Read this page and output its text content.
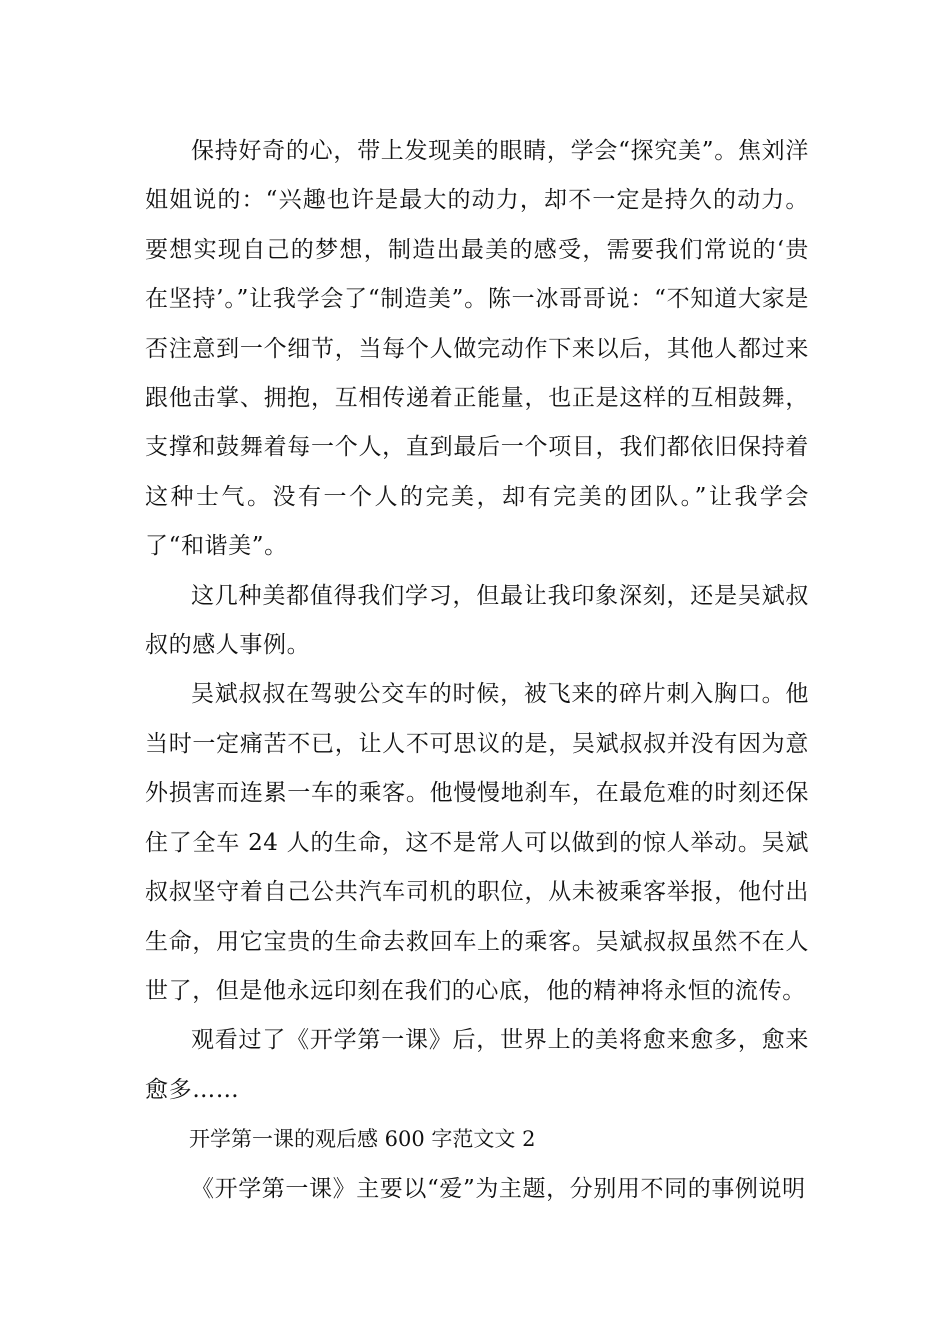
保持好奇的心，带上发现美的眼睛，学会“探究美”。焦刘洋姐姐说的：“兴趣也许是最大的动力，却不一定是持久的动力。要想实现自己的梦想，制造出最美的感受，需要我们常说的‘贵在坚持’。”让我学会了“制造美”。陈一冰哥哥说：“不知道大家是否注意到一个细节，当每个人做完动作下来以后，其他人都过来跟他击掌、拥抱，互相传递着正能量，也正是这样的互相鼓舞，支撑和鼓舞着每一个人，直到最后一个项目，我们都依旧保持着这种士气。没有一个人的完美，却有完美的团队。”让我学会了“和谐美”。

这几种美都值得我们学习，但最让我印象深刻，还是吴斌叔叔的感人事例。

吴斌叔叔在驾驶公交车的时候，被飞来的碎片刺入胸口。他当时一定痛苦不已，让人不可思议的是，吴斌叔叔并没有因为意外损害而连累一车的乘客。他慢慢地刹车，在最危难的时刻还保住了全车 24 人的生命，这不是常人可以做到的惊人举动。吴斌叔叔坚守着自己公共汽车司机的职位，从未被乘客举报，他付出生命，用它宝贵的生命去救回车上的乘客。吴斌叔叔虽然不在人世了，但是他永远印刻在我们的心底，他的精神将永恒的流传。

观看过了《开学第一课》后，世界上的美将愈来愈多，愈来愈多……

开学第一课的观后感 600 字范文文 2

《开学第一课》主要以“爱”为主题，分别用不同的事例说明
